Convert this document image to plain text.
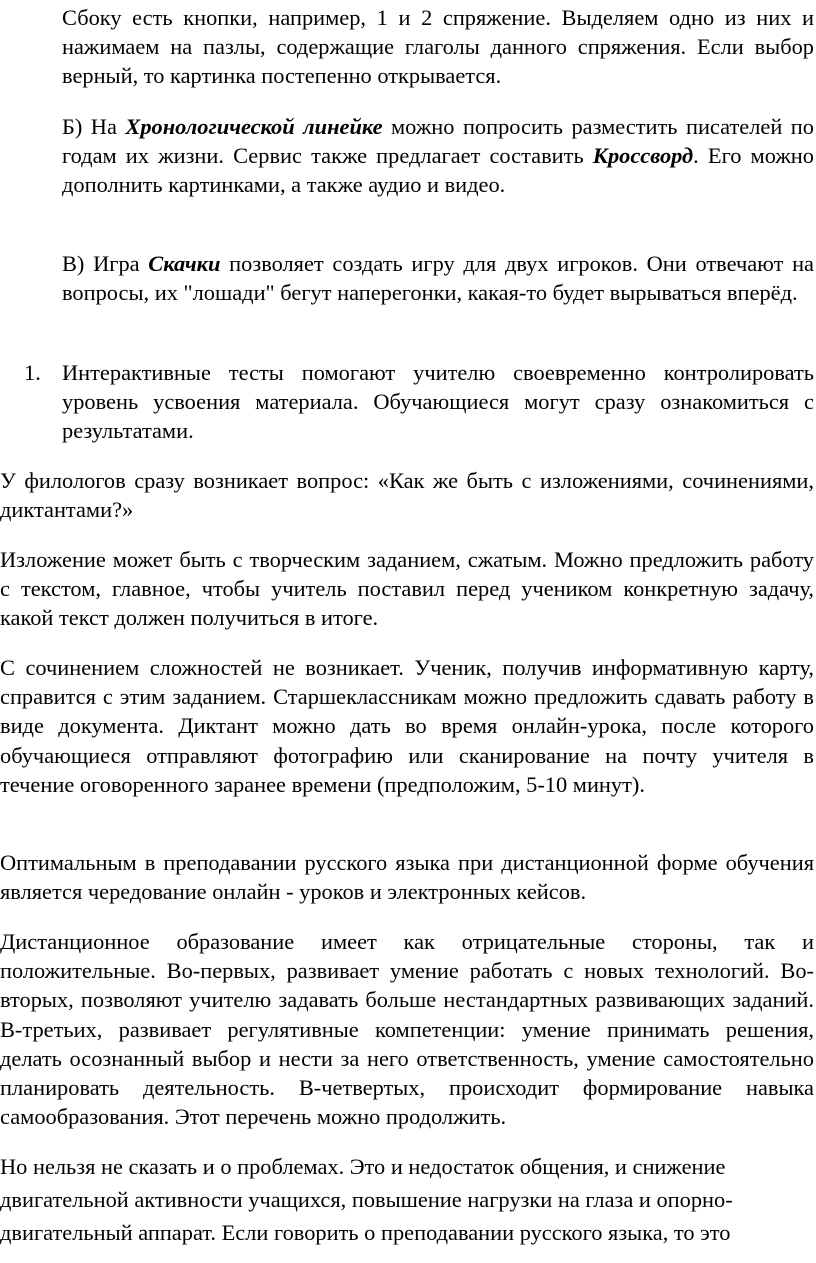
Сбоку есть кнопки, например, 1 и 2 спряжение. Выделяем одно из них и нажимаем на пазлы, содержащие глаголы данного спряжения. Если выбор верный, то картинка постепенно открывается.
Б) На Хронологической линейке можно попросить разместить писателей по годам их жизни. Сервис также предлагает составить Кроссворд. Его можно дополнить картинками, а также аудио и видео.
В) Игра Скачки позволяет создать игру для двух игроков. Они отвечают на вопросы, их "лошади" бегут наперегонки, какая-то будет вырываться вперёд.
1. Интерактивные тесты помогают учителю своевременно контролировать уровень усвоения материала. Обучающиеся могут сразу ознакомиться с результатами.
У филологов сразу возникает вопрос: «Как же быть с изложениями, сочинениями, диктантами?»
Изложение может быть с творческим заданием, сжатым. Можно предложить работу с текстом, главное, чтобы учитель поставил перед учеником конкретную задачу, какой текст должен получиться в итоге.
С сочинением сложностей не возникает. Ученик, получив информативную карту, справится с этим заданием. Старшеклассникам можно предложить сдавать работу в виде документа. Диктант можно дать во время онлайн-урока, после которого обучающиеся отправляют фотографию или сканирование на почту учителя в течение оговоренного заранее времени (предположим, 5-10 минут).
Оптимальным в преподавании русского языка при дистанционной форме обучения является чередование онлайн - уроков и электронных кейсов.
Дистанционное образование имеет как отрицательные стороны, так и положительные. Во-первых, развивает умение работать с новых технологий. Во-вторых, позволяют учителю задавать больше нестандартных развивающих заданий. В-третьих, развивает регулятивные компетенции: умение принимать решения, делать осознанный выбор и нести за него ответственность, умение самостоятельно планировать деятельность. В-четвертых, происходит формирование навыка самообразования. Этот перечень можно продолжить.
Но нельзя не сказать и о проблемах. Это и недостаток общения, и снижение двигательной активности учащихся, повышение нагрузки на глаза и опорно-двигательный аппарат. Если говорить о преподавании русского языка, то это
